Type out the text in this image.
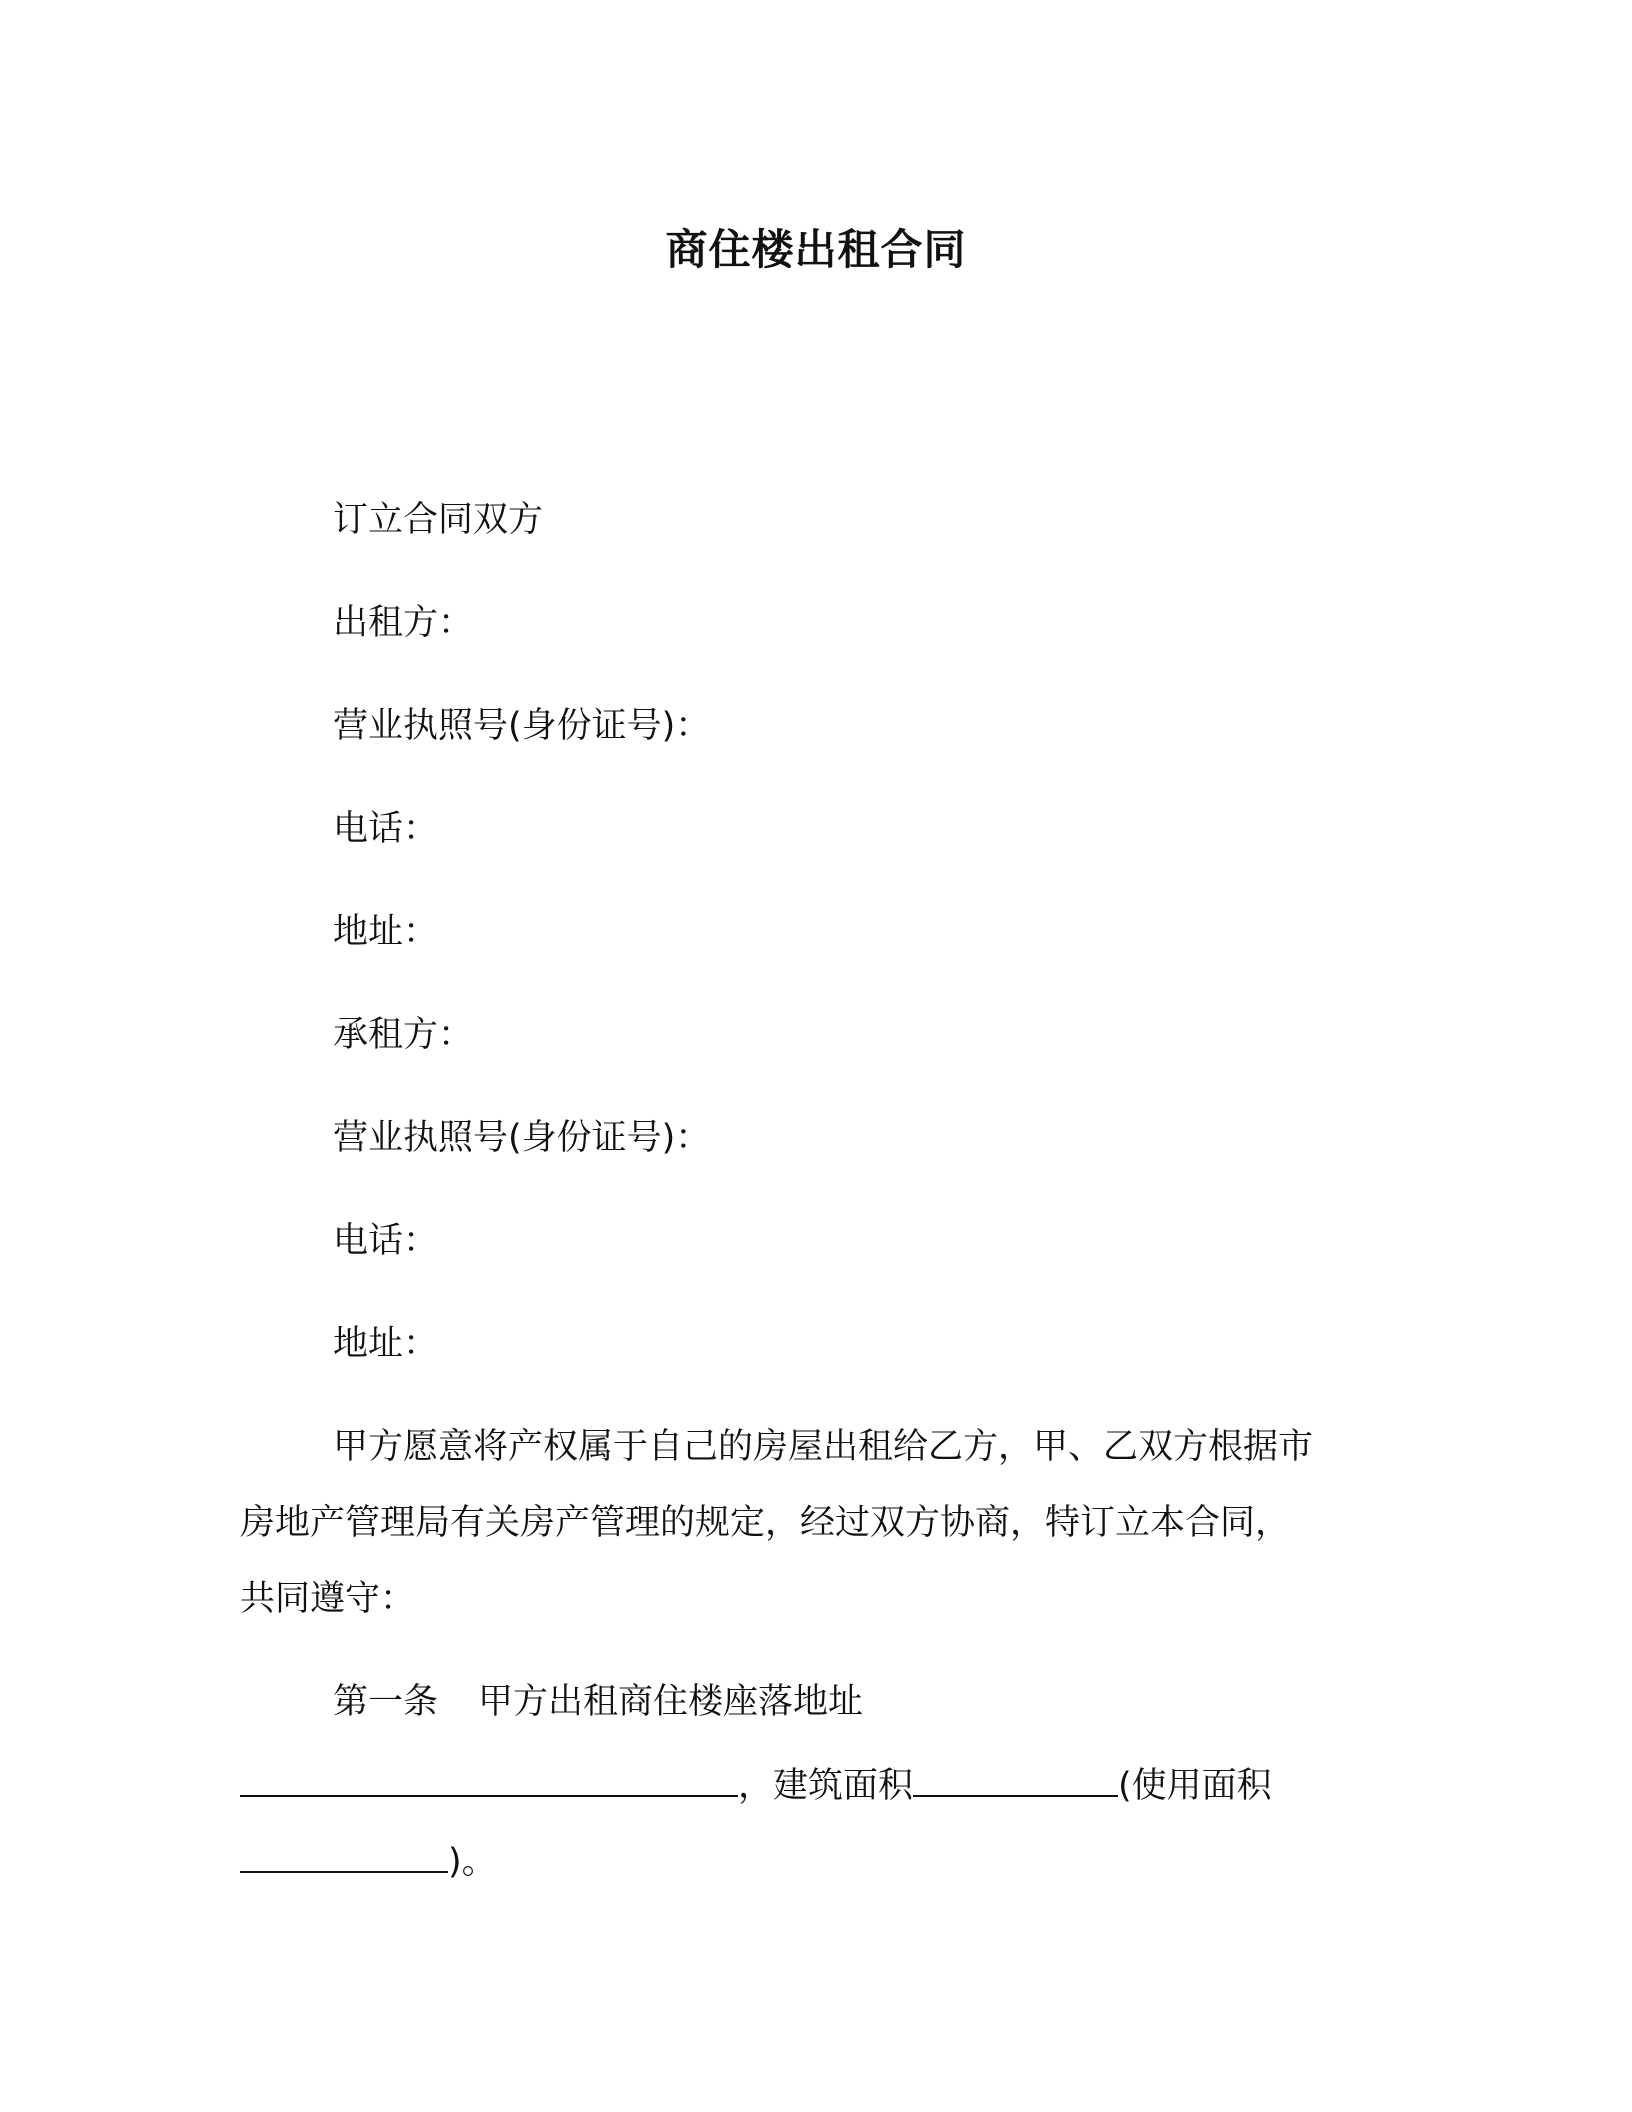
商住楼出租合同
订立合同双方
出租方：
营业执照号(身份证号)：
电话：
地址：
承租方：
营业执照号(身份证号)：
电话：
地址：
甲方愿意将产权属于自己的房屋出租给乙方，甲、乙双方根据市
房地产管理局有关房产管理的规定，经过双方协商，特订立本合同，
共同遵守：
第一条 甲方出租商住楼座落地址
，建筑面积	(使用面积
)。
